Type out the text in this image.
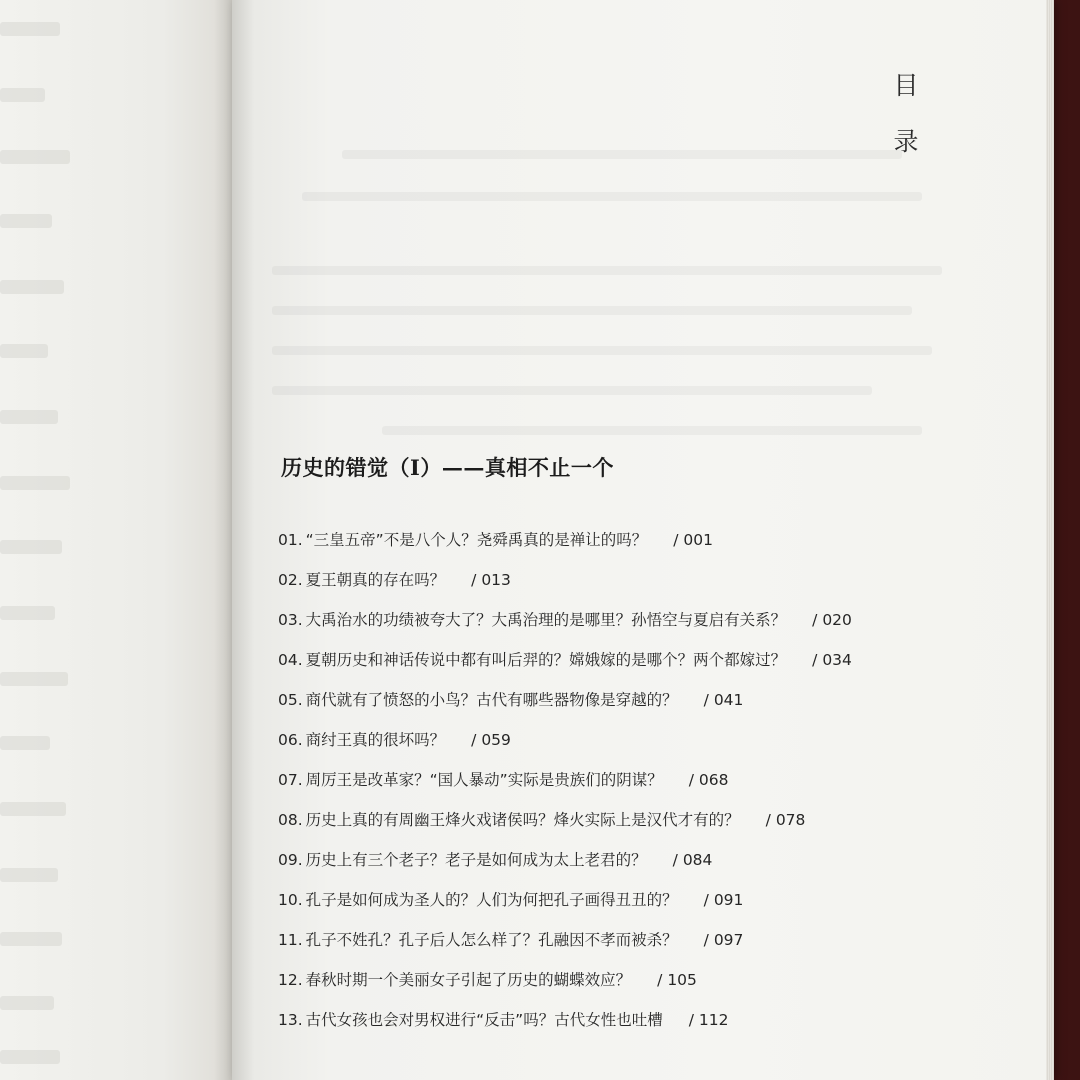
目
录
历史的错觉（I）——真相不止一个
01. “三皇五帝”不是八个人？尧舜禹真的是禅让的吗？ / 001
02. 夏王朝真的存在吗？ / 013
03. 大禹治水的功绩被夸大了？大禹治理的是哪里？孙悟空与夏启有关系？ / 020
04. 夏朝历史和神话传说中都有叫后羿的？嫦娥嫁的是哪个？两个都嫁过？ / 034
05. 商代就有了愤怒的小鸟？古代有哪些器物像是穿越的？ / 041
06. 商纣王真的很坏吗？ / 059
07. 周厉王是改革家？“国人暴动”实际是贵族们的阴谋？ / 068
08. 历史上真的有周幽王烽火戏诸侯吗？烽火实际上是汉代才有的？ / 078
09. 历史上有三个老子？老子是如何成为太上老君的？ / 084
10. 孔子是如何成为圣人的？人们为何把孔子画得丑丑的？ / 091
11. 孔子不姓孔？孔子后人怎么样了？孔融因不孝而被杀？ / 097
12. 春秋时期一个美丽女子引起了历史的蝴蝶效应？ / 105
13. 古代女孩也会对男权进行“反击”吗？古代女性也吐槽 / 112
